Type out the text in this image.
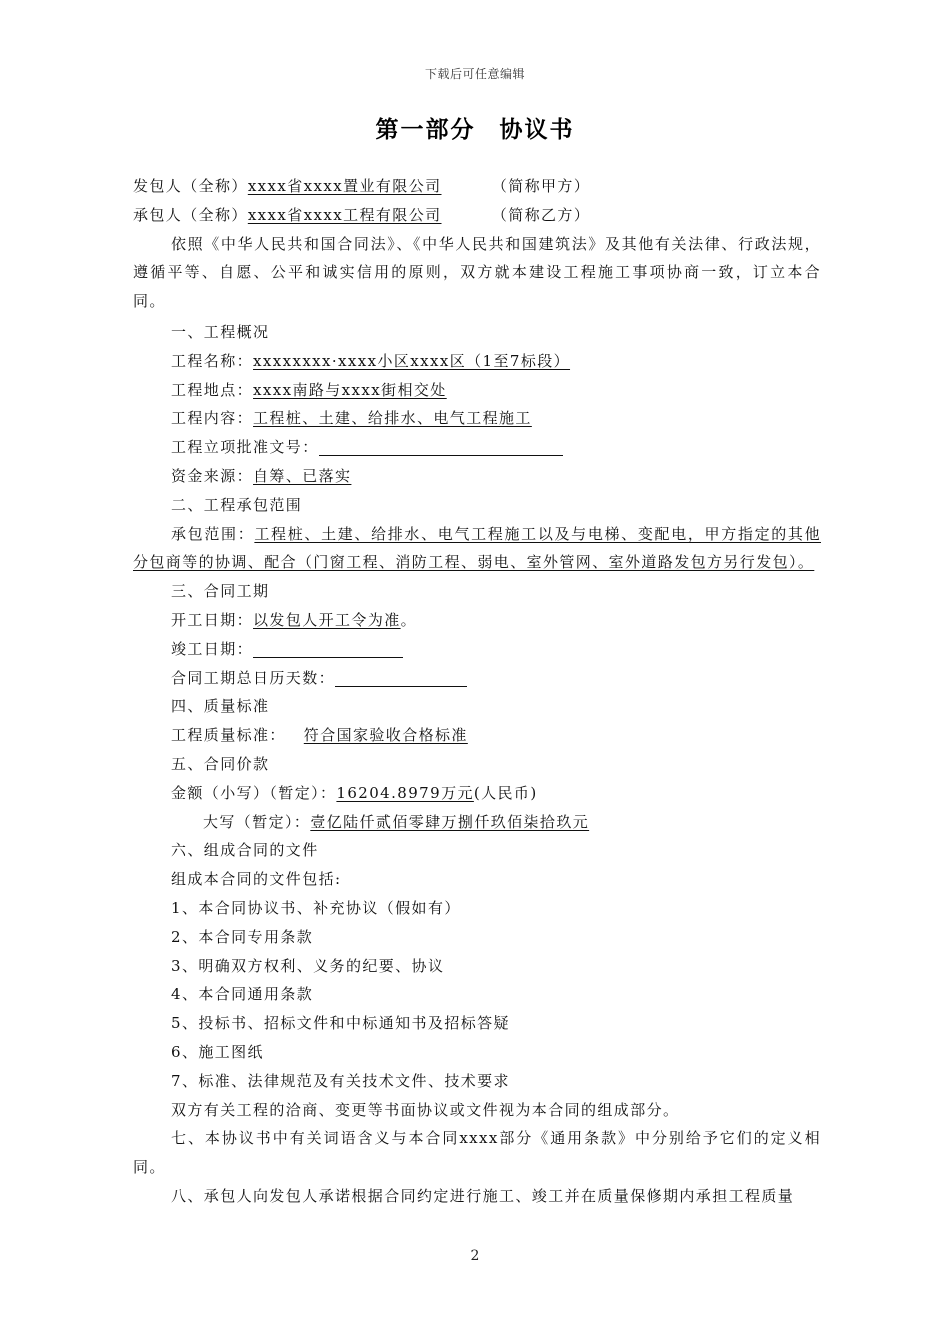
下载后可任意编辑
第一部分 协议书
发包人（全称）xxxx省xxxx置业有限公司	（简称甲方）
承包人（全称）xxxx省xxxx工程有限公司	（简称乙方）
依照《中华人民共和国合同法》、《中华人民共和国建筑法》及其他有关法律、行政法规，遵循平等、自愿、公平和诚实信用的原则，双方就本建设工程施工事项协商一致，订立本合同。
一、工程概况
工程名称：xxxxxxxx·xxxx小区xxxx区（1至7标段）
工程地点：xxxx南路与xxxx街相交处
工程内容：工程桩、土建、给排水、电气工程施工
工程立项批准文号：
资金来源：自筹、已落实
二、工程承包范围
承包范围：工程桩、土建、给排水、电气工程施工以及与电梯、变配电，甲方指定的其他分包商等的协调、配合（门窗工程、消防工程、弱电、室外管网、室外道路发包方另行发包）。
三、合同工期
开工日期：以发包人开工令为准。
竣工日期：
合同工期总日历天数：
四、质量标准
工程质量标准： 符合国家验收合格标准
五、合同价款
金额（小写）（暂定）：16204.8979万元(人民币)
大写（暂定）：壹亿陆仟贰佰零肆万捌仟玖佰柒拾玖元
六、组成合同的文件
组成本合同的文件包括:
1、本合同协议书、补充协议（假如有）
2、本合同专用条款
3、明确双方权利、义务的纪要、协议
4、本合同通用条款
5、投标书、招标文件和中标通知书及招标答疑
6、施工图纸
7、标准、法律规范及有关技术文件、技术要求
双方有关工程的洽商、变更等书面协议或文件视为本合同的组成部分。
七、本协议书中有关词语含义与本合同xxxx部分《通用条款》中分别给予它们的定义相同。
八、承包人向发包人承诺根据合同约定进行施工、竣工并在质量保修期内承担工程质量
2
